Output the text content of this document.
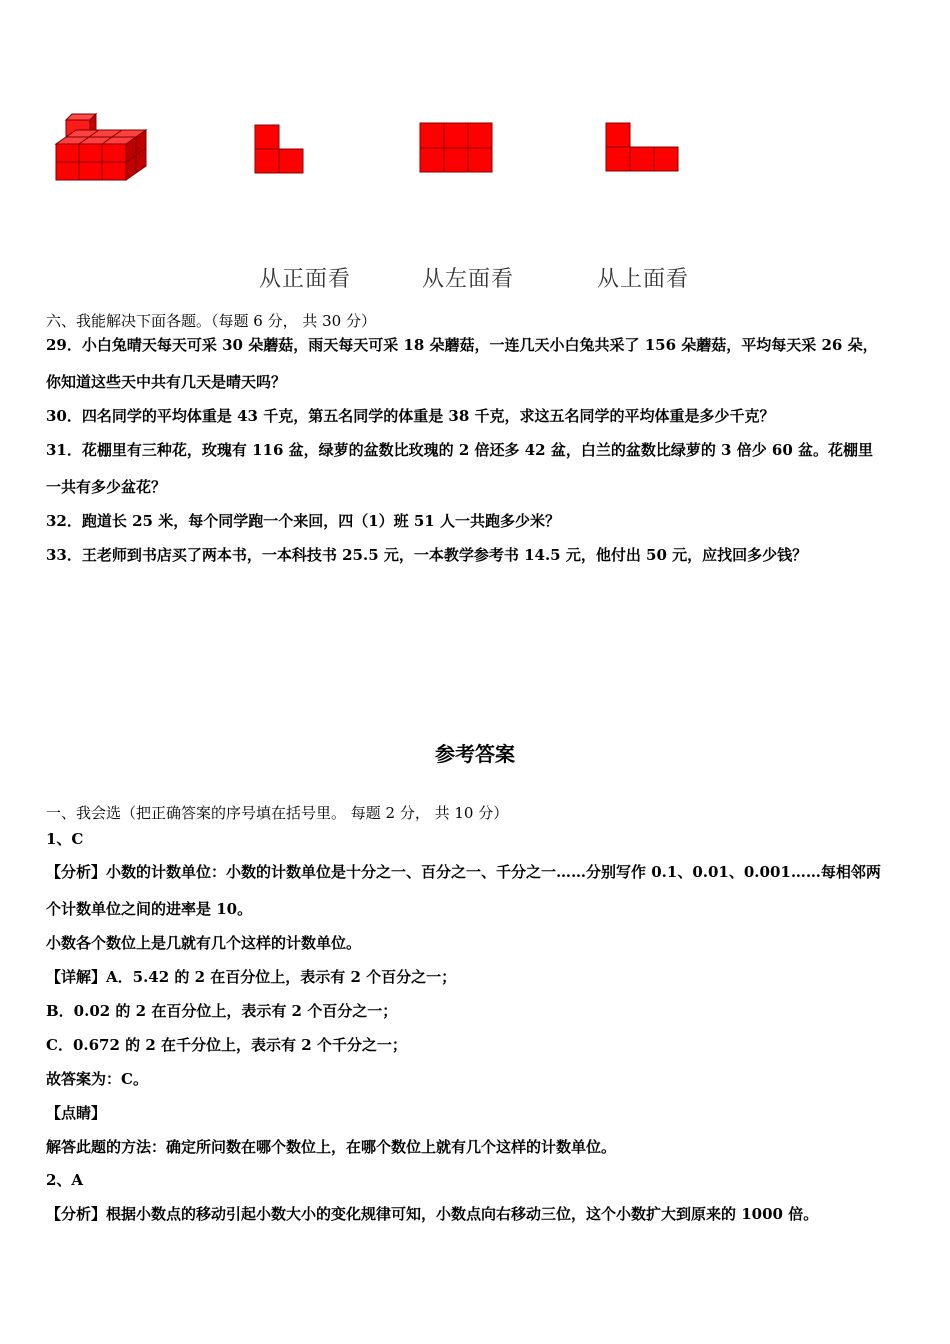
从正面看	从左面看	从上面看
六、我能解决下面各题。（每题 6 分， 共 30 分）
29．小白兔晴天每天可采 30 朵蘑菇，雨天每天可采 18 朵蘑菇，一连几天小白兔共采了 156 朵蘑菇，平均每天采 26 朵，
你知道这些天中共有几天是晴天吗？
30．四名同学的平均体重是 43 千克，第五名同学的体重是 38 千克，求这五名同学的平均体重是多少千克？
31．花棚里有三种花，玫瑰有 116 盆，绿萝的盆数比玫瑰的 2 倍还多 42 盆，白兰的盆数比绿萝的 3 倍少 60 盆。花棚里
一共有多少盆花？
32．跑道长 25 米，每个同学跑一个来回，四（1）班 51 人一共跑多少米？
33．王老师到书店买了两本书，一本科技书 25.5 元，一本教学参考书 14.5 元，他付出 50 元，应找回多少钱？
参考答案
一、我会选（把正确答案的序号填在括号里。 每题 2 分， 共 10 分）
1、C
【分析】小数的计数单位：小数的计数单位是十分之一、百分之一、千分之一……分别写作 0.1、0.01、0.001……每相邻两
个计数单位之间的进率是 10。
小数各个数位上是几就有几个这样的计数单位。
【详解】A．5.42 的 2 在百分位上，表示有 2 个百分之一；
B．0.02 的 2 在百分位上，表示有 2 个百分之一；
C．0.672 的 2 在千分位上，表示有 2 个千分之一；
故答案为：C。
【点睛】
解答此题的方法：确定所问数在哪个数位上，在哪个数位上就有几个这样的计数单位。
2、A
【分析】根据小数点的移动引起小数大小的变化规律可知，小数点向右移动三位，这个小数扩大到原来的 1000 倍。
